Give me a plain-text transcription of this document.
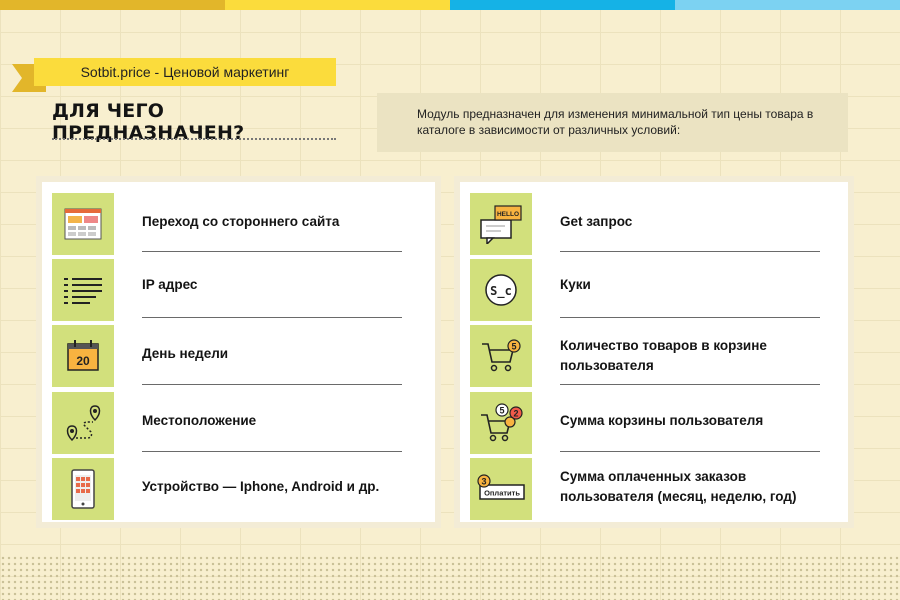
Sotbit.price - Ценовой маркетинг
ДЛЯ ЧЕГО ПРЕДНАЗНАЧЕН?
Модуль предназначен для изменения минимальной тип цены товара в каталоге в зависимости от различных условий:
Переход со стороннего сайта
IP адрес
20	День недели
Местоположение
Устройство — Iphone, Android и др.
HELLO	Get запрос
S_c	Куки
5	Количество товаров в корзине пользователя
5 2	Сумма корзины пользователя
Оплатить
3	Сумма оплаченных заказов пользователя (месяц, неделю, год)
